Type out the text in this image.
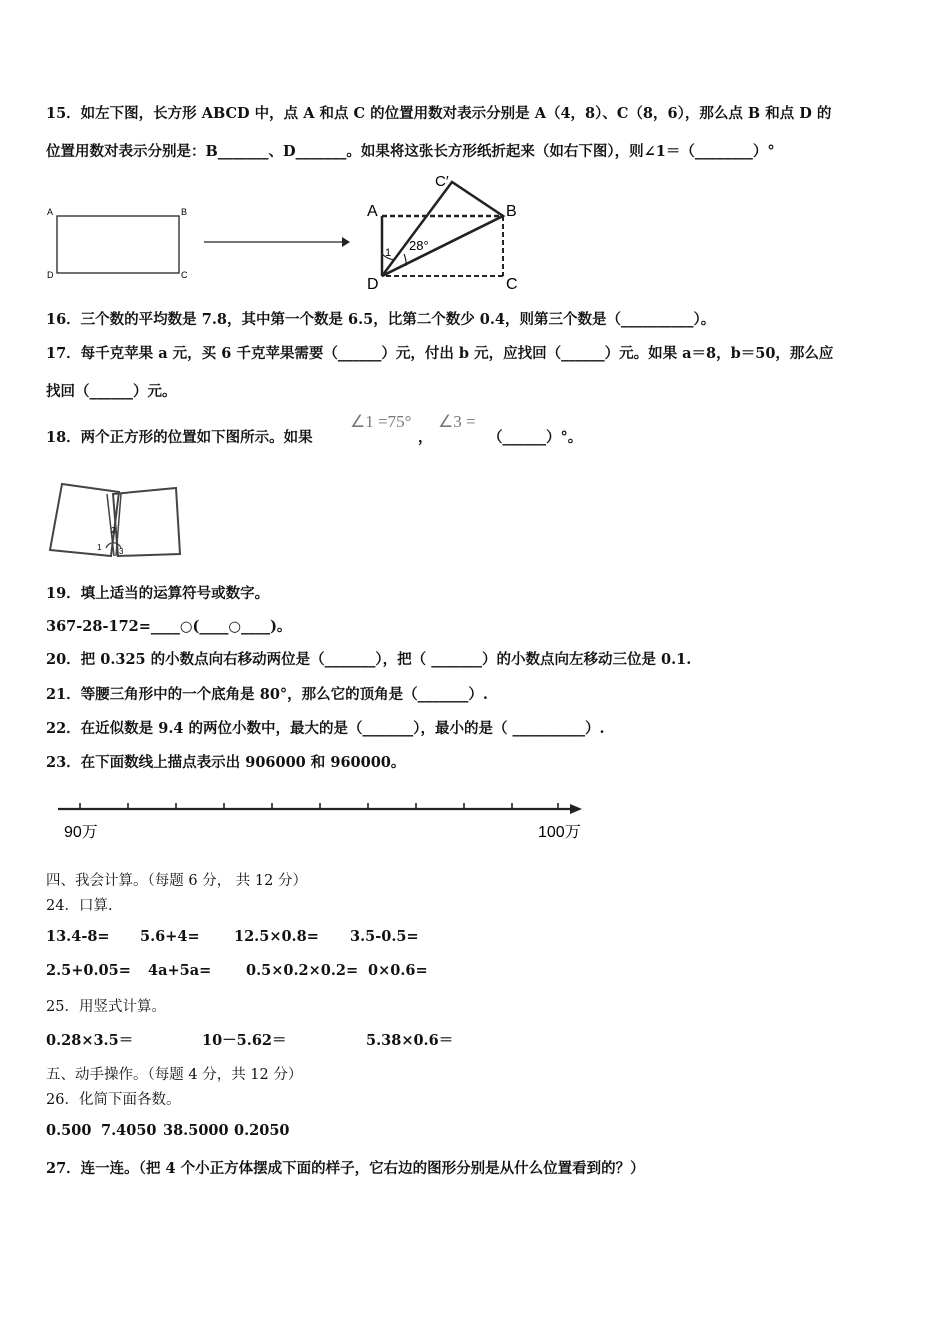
15．如左下图，长方形 ABCD 中，点 A 和点 C 的位置用数对表示分别是 A（4，8）、C（8，6），那么点 B 和点 D 的
位置用数对表示分别是：B_______、D_______。如果将这张长方形纸折起来（如右下图），则∠1＝（________）°
A	B
C
D
A	B
C
D
C′
1 28°
16．三个数的平均数是 7.8，其中第一个数是 6.5，比第二个数少 0.4，则第三个数是（__________）。
17．每千克苹果 a 元，买 6 千克苹果需要（______）元，付出 b 元，应找回（______）元。如果 a＝8，b＝50，那么应
找回（______）元。
18．两个正方形的位置如下图所示。如果
∠1 =75°
，
∠3 =
（______）°。
1
2
3
19．填上适当的运算符号或数字。
367-28-172=____○(____○____)。
20．把 0.325 的小数点向右移动两位是（_______），把（ _______）的小数点向左移动三位是 0.1.
21．等腰三角形中的一个底角是 80°，那么它的顶角是（_______）.
22．在近似数是 9.4 的两位小数中，最大的是（_______），最小的是（ __________）.
23．在下面数线上描点表示出 906000 和 960000。
90万	100万
四、我会计算。（每题 6 分， 共 12 分）
24．口算.
13.4-8= 5.6+4= 12.5×0.8= 3.5-0.5=
2.5+0.05= 4a+5a= 0.5×0.2×0.2= 0×0.6=
25．用竖式计算。
0.28×3.5＝	10－5.62＝	5.38×0.6＝
五、动手操作。（每题 4 分，共 12 分）
26．化简下面各数。
0.500 7.4050 38.5000 0.2050
27．连一连。（把 4 个小正方体摆成下面的样子，它右边的图形分别是从什么位置看到的？）
